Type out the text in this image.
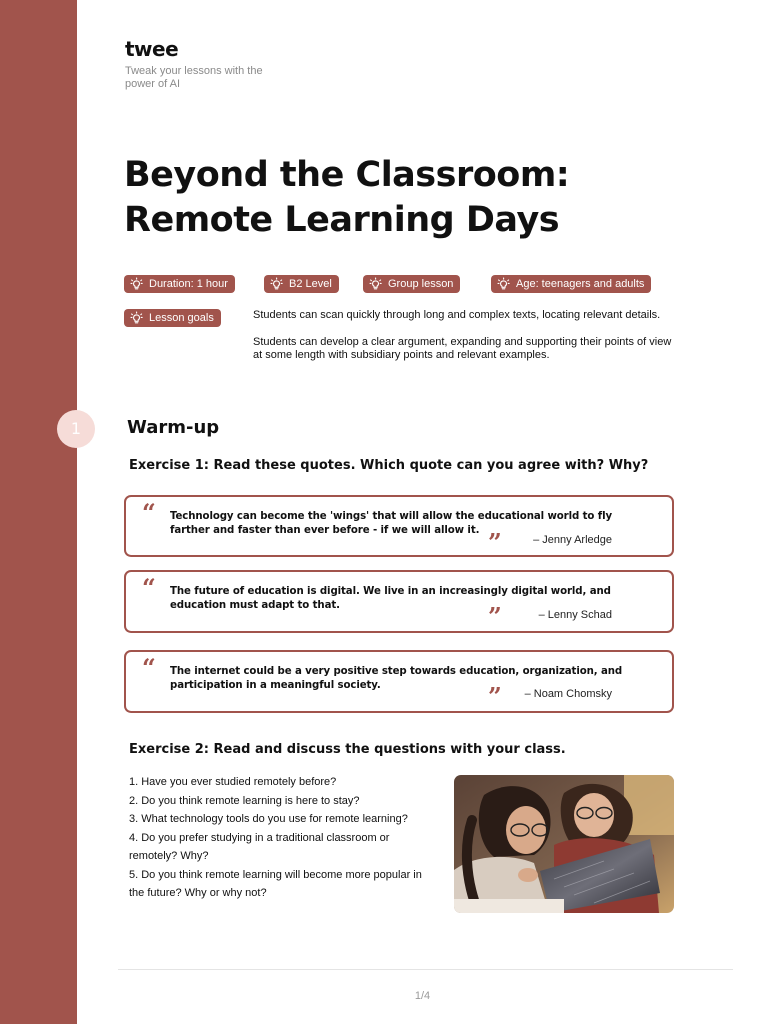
twee
Tweak your lessons with the power of AI
Beyond the Classroom: Remote Learning Days
Duration: 1 hour	B2 Level	Group lesson	Age: teenagers and adults
Lesson goals	Students can scan quickly through long and complex texts, locating relevant details.

Students can develop a clear argument, expanding and supporting their points of view at some length with subsidiary points and relevant examples.

1	Warm-up
Exercise 1: Read these quotes. Which quote can you agree with? Why?
“ Technology can become the 'wings' that will allow the educational world to fly farther and faster than ever before - if we will allow it. ”	– Jenny Arledge
“ The future of education is digital. We live in an increasingly digital world, and education must adapt to that.	”	– Lenny Schad
“ The internet could be a very positive step towards education, organization, and participation in a meaningful society.	” – Noam Chomsky
Exercise 2: Read and discuss the questions with your class.
1. Have you ever studied remotely before?
2. Do you think remote learning is here to stay?
3. What technology tools do you use for remote learning?
4. Do you prefer studying in a traditional classroom or remotely? Why?
5. Do you think remote learning will become more popular in the future? Why or why not?
1/4
